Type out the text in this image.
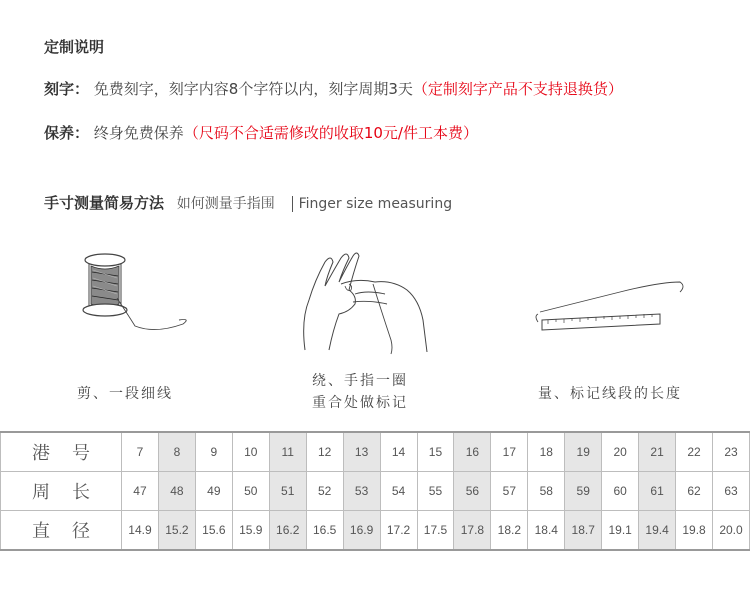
定制说明
刻字： 免费刻字，刻字内容8个字符以内，刻字周期3天（定制刻字产品不支持退换货）
保养： 终身免费保养（尺码不合适需修改的收取10元/件工本费）
手寸测量简易方法 如何测量手指围 Finger size measuring
剪、一段细线
绕、手指一圈
重合处做标记
量、标记线段的长度
港号	7	8	9	10	11	12	13	14	15	16	17	18	19	20	21	22	23
周长	47	48	49	50	51	52	53	54	55	56	57	58	59	60	61	62	63
直径	14.9	15.2	15.6	15.9	16.2	16.5	16.9	17.2	17.5	17.8	18.2	18.4	18.7	19.1	19.4	19.8	20.0
